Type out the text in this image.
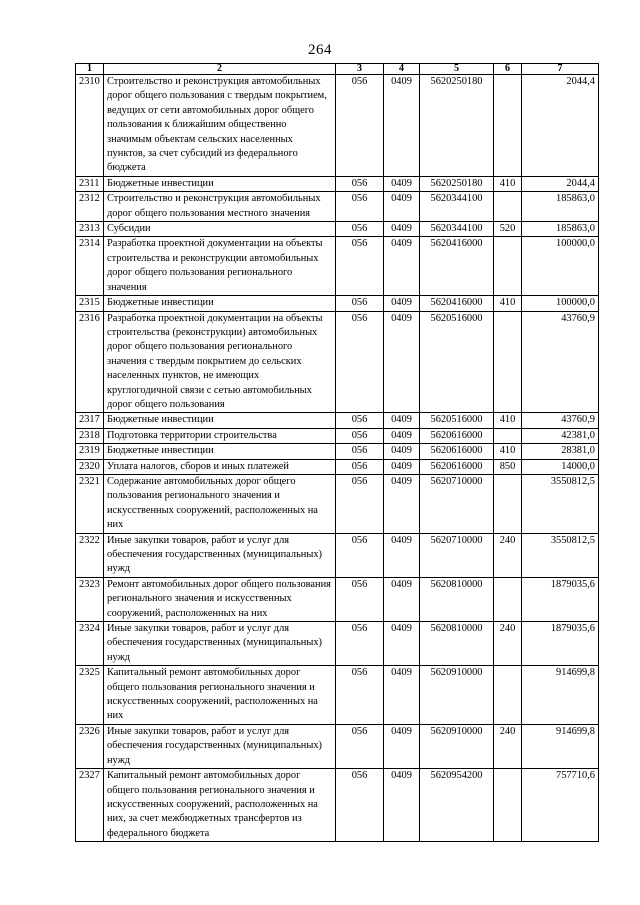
264
1	2	3	4	5	6	7
2310	Строительство и реконструкция автомобильных дорог общего пользования с твердым покрытием, ведущих от сети автомобильных дорог общего пользования к ближайшим общественно значимым объектам сельских населенных пунктов, за счет субсидий из федерального бюджета	056	0409	5620250180		2044,4
2311	Бюджетные инвестиции	056	0409	5620250180	410	2044,4
2312	Строительство и реконструкция автомобильных дорог общего пользования местного значения	056	0409	5620344100		185863,0
2313	Субсидии	056	0409	5620344100	520	185863,0
2314	Разработка проектной документации на объекты строительства и реконструкции автомобильных дорог общего пользования регионального значения	056	0409	5620416000		100000,0
2315	Бюджетные инвестиции	056	0409	5620416000	410	100000,0
2316	Разработка проектной документации на объекты строительства (реконструкции) автомобильных дорог общего пользования регионального значения с твердым покрытием до сельских населенных пунктов, не имеющих круглогодичной связи с сетью автомобильных дорог общего пользования	056	0409	5620516000		43760,9
2317	Бюджетные инвестиции	056	0409	5620516000	410	43760,9
2318	Подготовка территории строительства	056	0409	5620616000		42381,0
2319	Бюджетные инвестиции	056	0409	5620616000	410	28381,0
2320	Уплата налогов, сборов и иных платежей	056	0409	5620616000	850	14000,0
2321	Содержание автомобильных дорог общего пользования регионального значения и искусственных сооружений, расположенных на них	056	0409	5620710000		3550812,5
2322	Иные закупки товаров, работ и услуг для обеспечения государственных (муниципальных) нужд	056	0409	5620710000	240	3550812,5
2323	Ремонт автомобильных дорог общего пользования регионального значения и искусственных сооружений, расположенных на них	056	0409	5620810000		1879035,6
2324	Иные закупки товаров, работ и услуг для обеспечения государственных (муниципальных) нужд	056	0409	5620810000	240	1879035,6
2325	Капитальный ремонт автомобильных дорог общего пользования регионального значения и искусственных сооружений, расположенных на них	056	0409	5620910000		914699,8
2326	Иные закупки товаров, работ и услуг для обеспечения государственных (муниципальных) нужд	056	0409	5620910000	240	914699,8
2327	Капитальный ремонт автомобильных дорог общего пользования регионального значения и искусственных сооружений, расположенных на них, за счет межбюджетных трансфертов из федерального бюджета	056	0409	5620954200		757710,6
